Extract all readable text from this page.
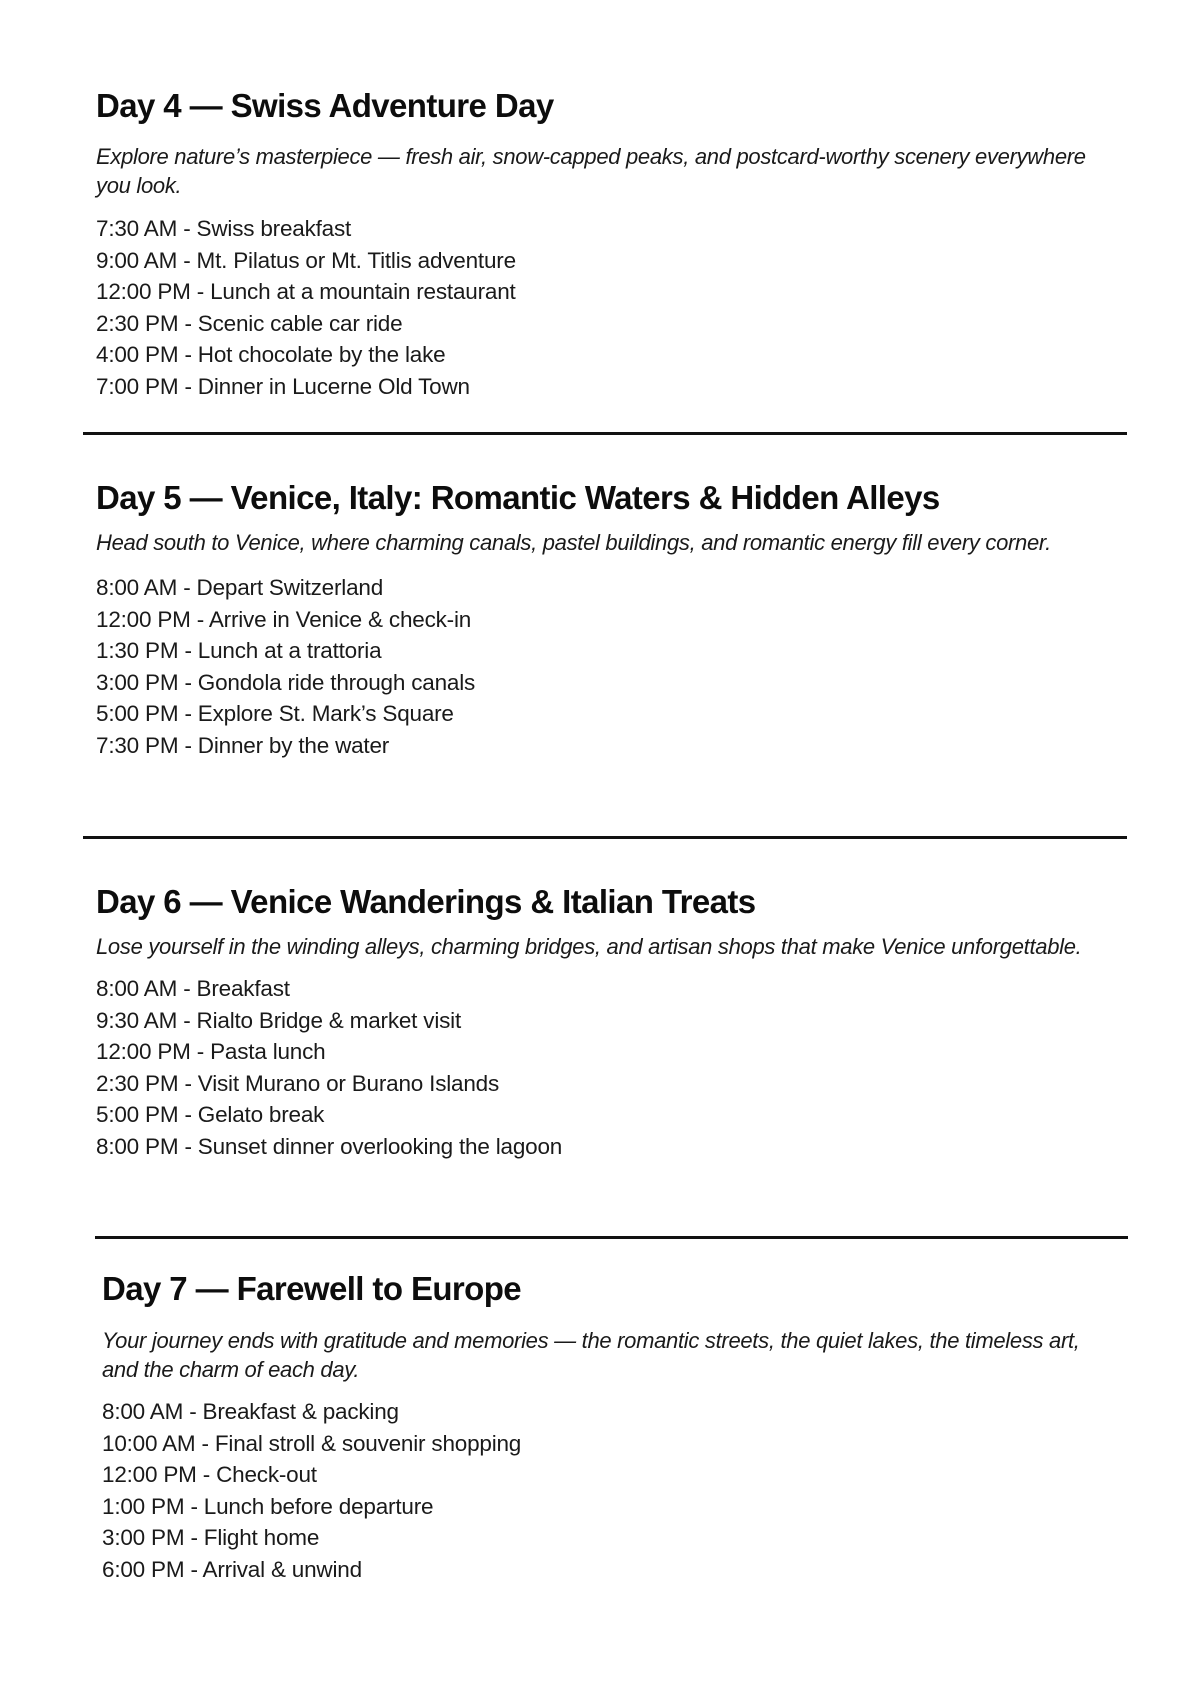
Day 4 — Swiss Adventure Day

Explore nature’s masterpiece — fresh air, snow-capped peaks, and postcard-worthy scenery everywhere you look.

7:30 AM - Swiss breakfast
9:00 AM - Mt. Pilatus or Mt. Titlis adventure
12:00 PM - Lunch at a mountain restaurant
2:30 PM - Scenic cable car ride
4:00 PM - Hot chocolate by the lake
7:00 PM - Dinner in Lucerne Old Town
Day 5 — Venice, Italy: Romantic Waters & Hidden Alleys

Head south to Venice, where charming canals, pastel buildings, and romantic energy fill every corner.

8:00 AM - Depart Switzerland
12:00 PM - Arrive in Venice & check-in
1:30 PM - Lunch at a trattoria
3:00 PM - Gondola ride through canals
5:00 PM - Explore St. Mark’s Square
7:30 PM - Dinner by the water
Day 6 — Venice Wanderings & Italian Treats

Lose yourself in the winding alleys, charming bridges, and artisan shops that make Venice unforgettable.

8:00 AM - Breakfast
9:30 AM - Rialto Bridge & market visit
12:00 PM - Pasta lunch
2:30 PM - Visit Murano or Burano Islands
5:00 PM - Gelato break
8:00 PM - Sunset dinner overlooking the lagoon
Day 7 — Farewell to Europe

Your journey ends with gratitude and memories — the romantic streets, the quiet lakes, the timeless art, and the charm of each day.

8:00 AM - Breakfast & packing
10:00 AM - Final stroll & souvenir shopping
12:00 PM - Check-out
1:00 PM - Lunch before departure
3:00 PM - Flight home
6:00 PM - Arrival & unwind
